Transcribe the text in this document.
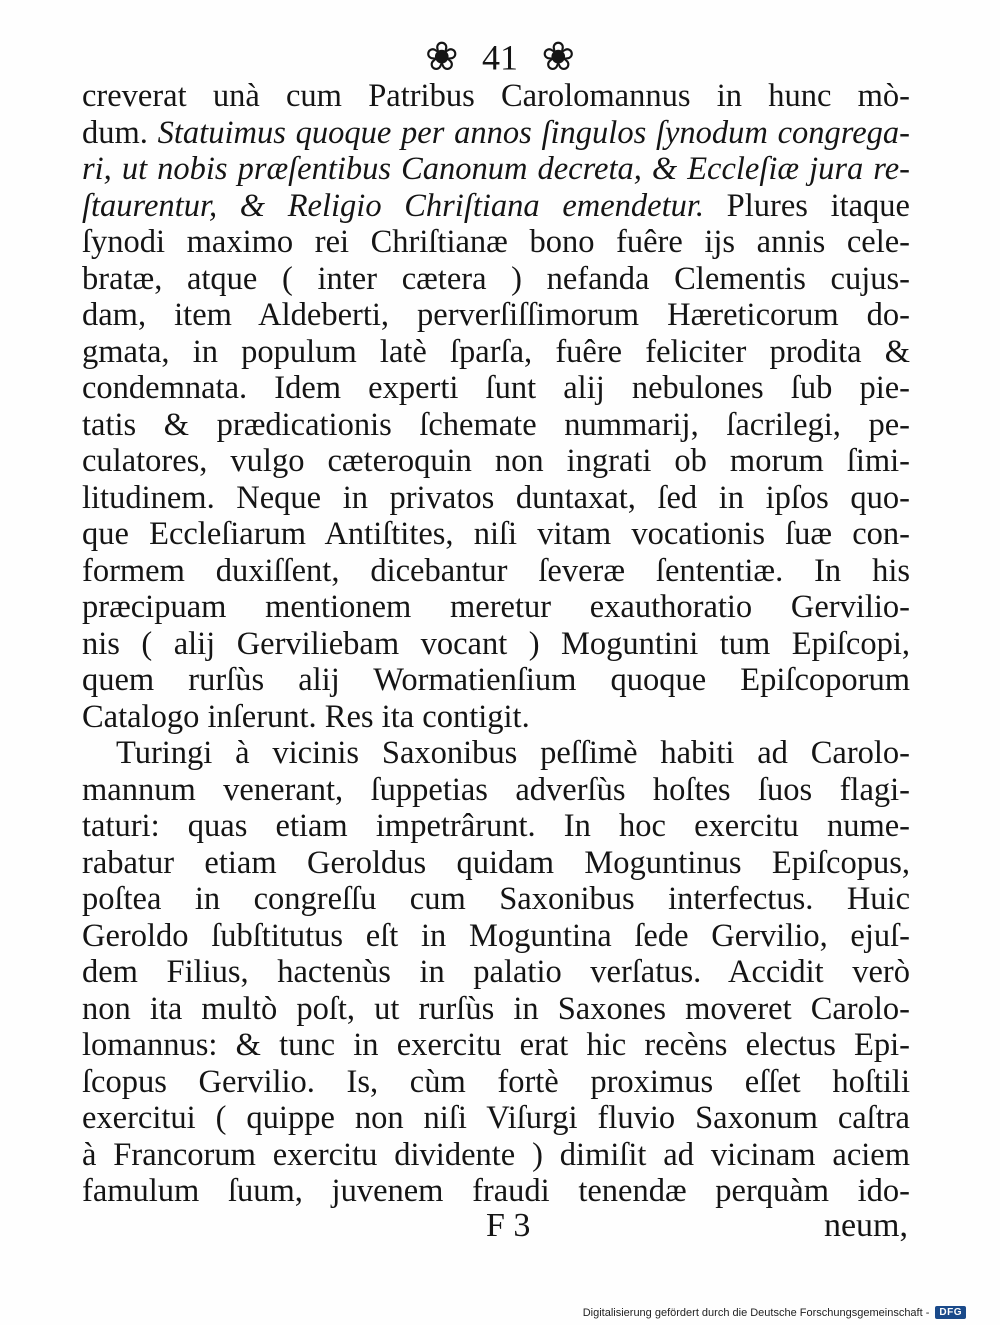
❀ 41 ❀
creverat unà cum Patribus Carolomannus in hunc mò-
dum. Statuimus quoque per annos ſingulos ſynodum congrega-
ri, ut nobis præſentibus Canonum decreta, & Eccleſiæ jura re-
ſtaurentur, & Religio Chriſtiana emendetur. Plures itaque
ſynodi maximo rei Chriſtianæ bono fuêre ijs annis cele-
bratæ, atque ( inter cætera ) nefanda Clementis cujus-
dam, item Aldeberti, perverſiſſimorum Hæreticorum do-
gmata, in populum latè ſparſa, fuêre feliciter prodita &
condemnata. Idem experti ſunt alij nebulones ſub pie-
tatis & prædicationis ſchemate nummarij, ſacrilegi, pe-
culatores, vulgo cæteroquin non ingrati ob morum ſimi-
litudinem. Neque in privatos duntaxat, ſed in ipſos quo-
que Eccleſiarum Antiſtites, niſi vitam vocationis ſuæ con-
formem duxiſſent, dicebantur ſeveræ ſententiæ. In his
præcipuam mentionem meretur exauthoratio Gervilio-
nis ( alij Gerviliebam vocant ) Moguntini tum Epiſcopi,
quem rurſùs alij Wormatienſium quoque Epiſcoporum
Catalogo inſerunt. Res ita contigit.
Turingi à vicinis Saxonibus peſſimè habiti ad Carolo-
mannum venerant, ſuppetias adverſùs hoſtes ſuos flagi-
taturi: quas etiam impetrârunt. In hoc exercitu nume-
rabatur etiam Geroldus quidam Moguntinus Epiſcopus,
poſtea in congreſſu cum Saxonibus interfectus. Huic
Geroldo ſubſtitutus eſt in Moguntina ſede Gervilio, ejuſ-
dem Filius, hactenùs in palatio verſatus. Accidit verò
non ita multò poſt, ut rurſùs in Saxones moveret Carolo-
lomannus: & tunc in exercitu erat hic recèns electus Epi-
ſcopus Gervilio. Is, cùm fortè proximus eſſet hoſtili
exercitui ( quippe non niſi Viſurgi fluvio Saxonum caſtra
à Francorum exercitu dividente ) dimiſit ad vicinam aciem
famulum ſuum, juvenem fraudi tenendæ perquàm ido-
F 3	neum,
Digitalisierung gefördert durch die Deutsche Forschungsgemeinschaft -	DFG
